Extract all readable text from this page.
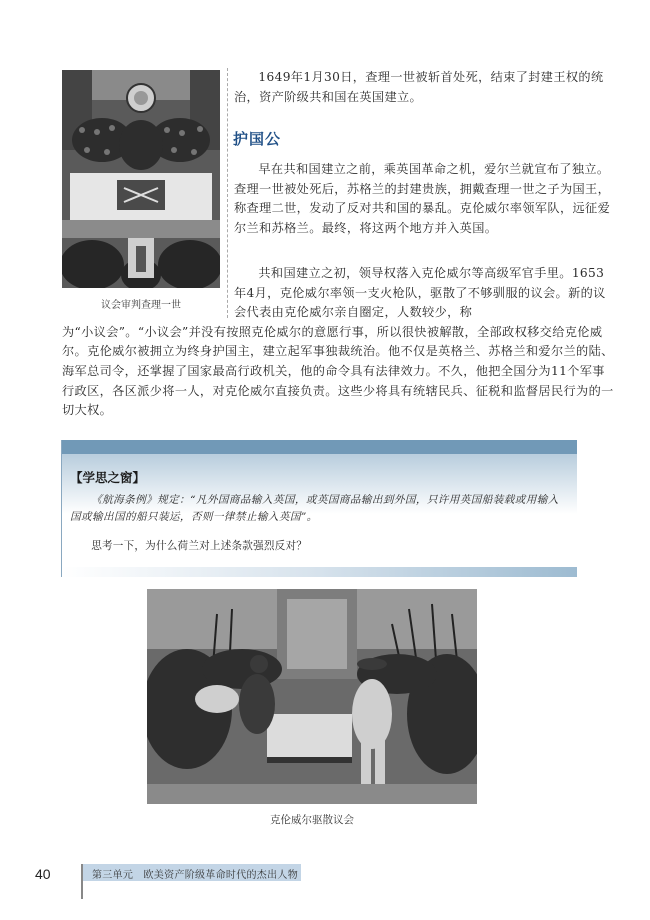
议会审判查理一世
1649年1月30日，查理一世被斩首处死，结束了封建王权的统治，资产阶级共和国在英国建立。
护国公
早在共和国建立之前，乘英国革命之机，爱尔兰就宣布了独立。查理一世被处死后，苏格兰的封建贵族，拥戴查理一世之子为国王，称查理二世，发动了反对共和国的暴乱。克伦威尔率领军队，远征爱尔兰和苏格兰。最终，将这两个地方并入英国。
共和国建立之初，领导权落入克伦威尔等高级军官手里。1653年4月，克伦威尔率领一支火枪队，驱散了不够驯服的议会。新的议会代表由克伦威尔亲自圈定，人数较少，称
为“小议会”。“小议会”并没有按照克伦威尔的意愿行事，所以很快被解散，全部政权移交给克伦威尔。克伦威尔被拥立为终身护国主，建立起军事独裁统治。他不仅是英格兰、苏格兰和爱尔兰的陆、海军总司令，还掌握了国家最高行政机关，他的命令具有法律效力。不久，他把全国分为11个军事行政区，各区派少将一人，对克伦威尔直接负责。这些少将具有统辖民兵、征税和监督居民行为的一切大权。
【学思之窗】
《航海条例》规定：“凡外国商品输入英国，或英国商品输出到外国，只许用英国船装载或用输入国或输出国的船只装运，否则一律禁止输入英国”。
思考一下，为什么荷兰对上述条款强烈反对？
克伦威尔驱散议会
40	第三单元　欧美资产阶级革命时代的杰出人物
